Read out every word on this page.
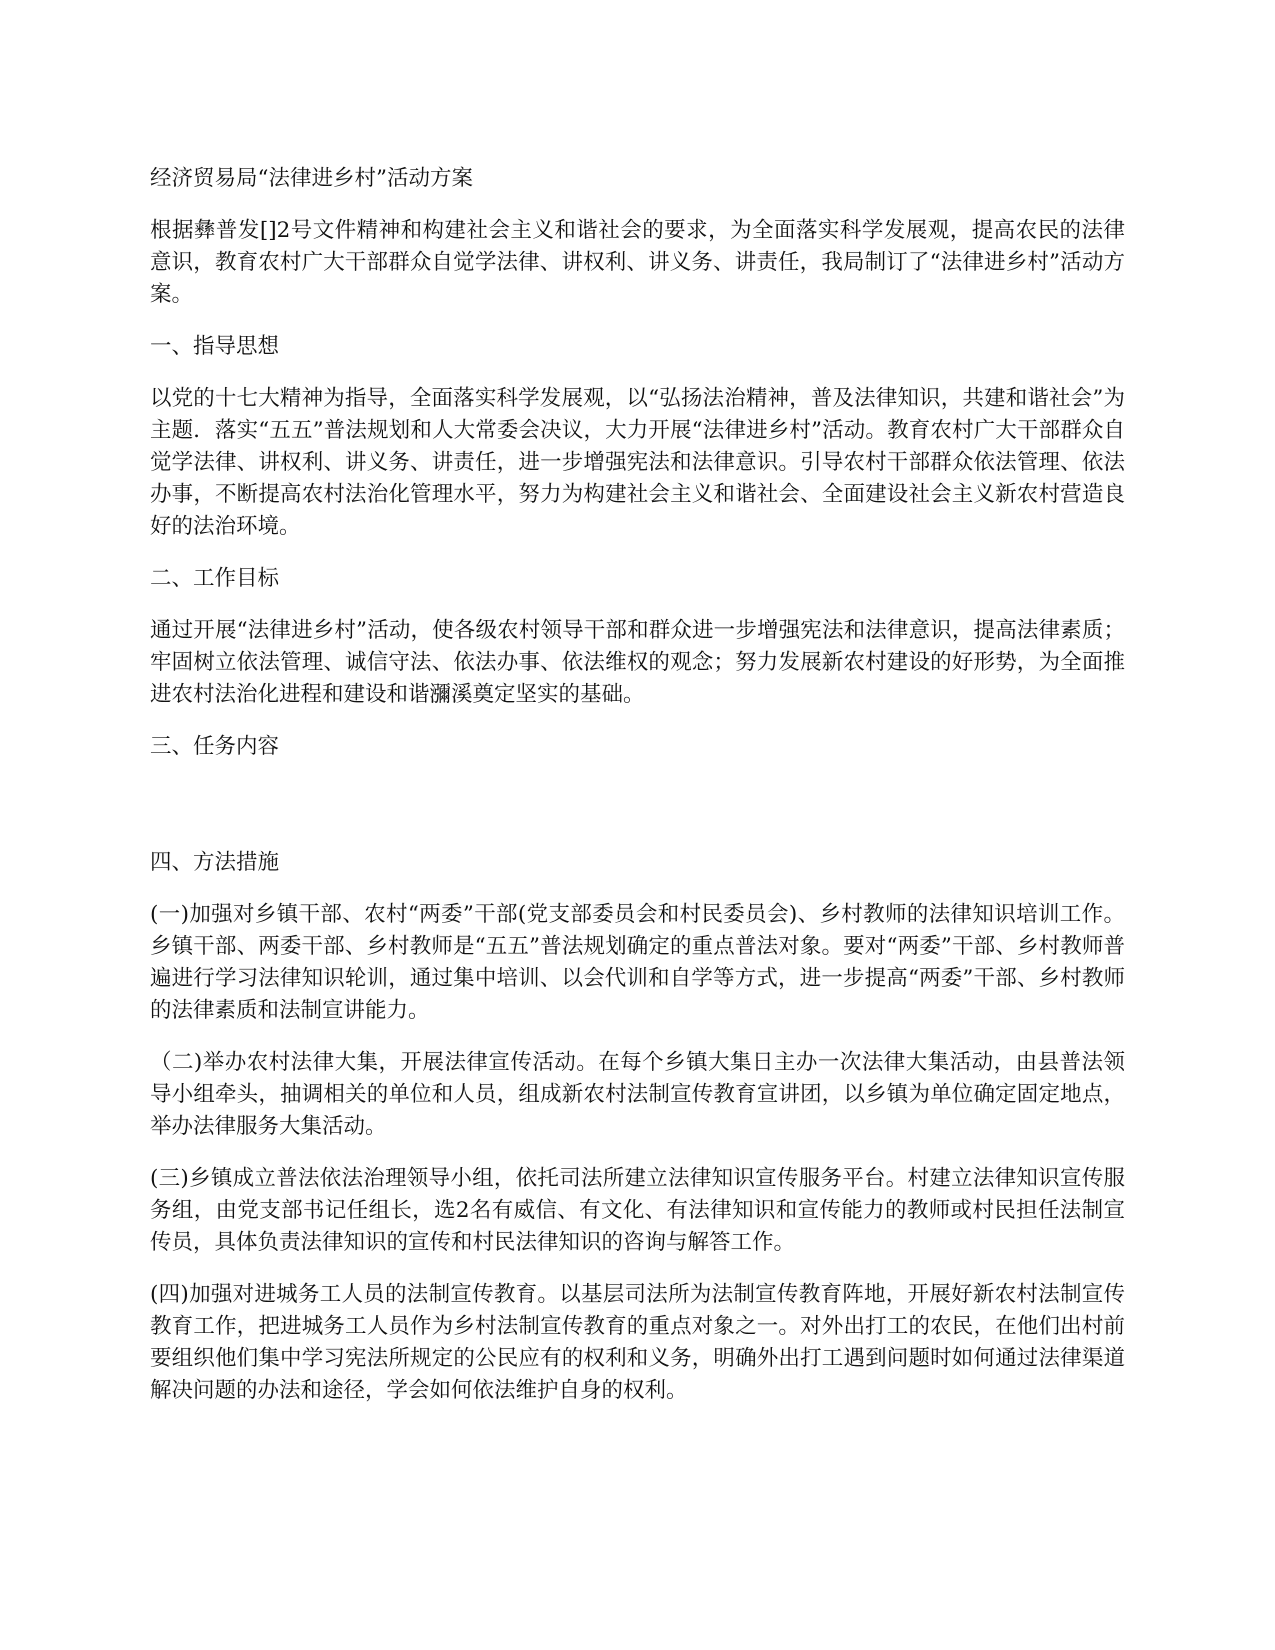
经济贸易局“法律进乡村”活动方案

根据彝普发[]2号文件精神和构建社会主义和谐社会的要求，为全面落实科学发展观，提高农民的法律意识，教育农村广大干部群众自觉学法律、讲权利、讲义务、讲责任，我局制订了“法律进乡村”活动方案。

一、指导思想

以党的十七大精神为指导，全面落实科学发展观，以“弘扬法治精神，普及法律知识，共建和谐社会”为主题．落实“五五”普法规划和人大常委会决议，大力开展“法律进乡村”活动。教育农村广大干部群众自觉学法律、讲权利、讲义务、讲责任，进一步增强宪法和法律意识。引导农村干部群众依法管理、依法办事，不断提高农村法治化管理水平，努力为构建社会主义和谐社会、全面建设社会主义新农村营造良好的法治环境。

二、工作目标

通过开展“法律进乡村”活动，使各级农村领导干部和群众进一步增强宪法和法律意识，提高法律素质；牢固树立依法管理、诚信守法、依法办事、依法维权的观念；努力发展新农村建设的好形势，为全面推进农村法治化进程和建设和谐瀰溪奠定坚实的基础。

三、任务内容

四、方法措施

(一)加强对乡镇干部、农村“两委”干部(党支部委员会和村民委员会)、乡村教师的法律知识培训工作。乡镇干部、两委干部、乡村教师是“五五”普法规划确定的重点普法对象。要对“两委”干部、乡村教师普遍进行学习法律知识轮训，通过集中培训、以会代训和自学等方式，进一步提高“两委”干部、乡村教师的法律素质和法制宣讲能力。

（二)举办农村法律大集，开展法律宣传活动。在每个乡镇大集日主办一次法律大集活动，由县普法领导小组牵头，抽调相关的单位和人员，组成新农村法制宣传教育宣讲团，以乡镇为单位确定固定地点，举办法律服务大集活动。

(三)乡镇成立普法依法治理领导小组，依托司法所建立法律知识宣传服务平台。村建立法律知识宣传服务组，由党支部书记任组长，选2名有威信、有文化、有法律知识和宣传能力的教师或村民担任法制宣传员，具体负责法律知识的宣传和村民法律知识的咨询与解答工作。

(四)加强对进城务工人员的法制宣传教育。以基层司法所为法制宣传教育阵地，开展好新农村法制宣传教育工作，把进城务工人员作为乡村法制宣传教育的重点对象之一。对外出打工的农民，在他们出村前要组织他们集中学习宪法所规定的公民应有的权利和义务，明确外出打工遇到问题时如何通过法律渠道解决问题的办法和途径，学会如何依法维护自身的权利。
